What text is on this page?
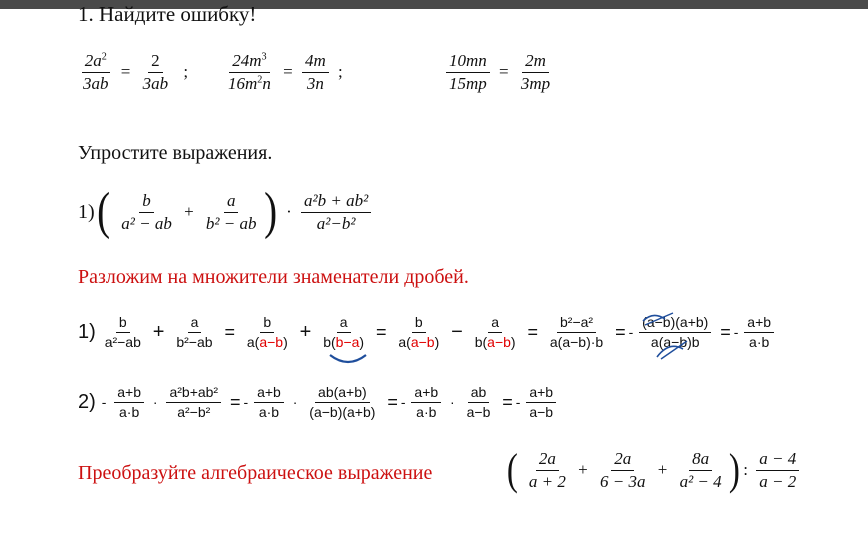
1. Найдите ошибку!
$\frac{2a^2}{3ab} = \frac{2}{3ab}$ ; $\frac{24m^3}{16m^2n} = \frac{4m}{3n}$ ;	$\frac{10mn}{15mp} = \frac{2m}{3mp}$
Упростите выражения.
$1)( \frac{b}{\text{a² − ab}} + \frac{a}{\text{b² − ab}}$ ) · $\frac{\text{a²b + ab²}}{\text{a²−b²}}$
Разложим на множители знаменатели дробей.
$1) \frac{b}{\text{a²−ab}} + \frac{a}{\text{b²−ab}} = \frac{b}{a(a-b)} + \frac{a}{b(b-a)} = \frac{b}{a(a-b)} - \frac{a}{b(a-b)} = \frac{\text{b²−a²}}{a(a-b)\cdot b}$ = - $\frac{(a-b)(a+b)}{a(a-b)b}$ = - $\frac{a+b}{a\cdot b}$
$2) - \frac{a+b}{a\cdot b} \cdot \frac{\text{a²b+ab²}}{\text{a²−b²}}$ = - $\frac{a+b}{a\cdot b} \cdot \frac{ab(a+b)}{(a-b)(a+b)}$ = - $\frac{a+b}{a\cdot b} \cdot \frac{ab}{a-b}$ = - $\frac{a+b}{a-b}$
Преобразуйте алгебраическое выражение ( $\frac{2a}{a + 2} + \frac{2a}{6 - 3a} + \frac{8a}{\text{a² − 4}}$ ) : $\frac{a - 4}{a - 2}$
